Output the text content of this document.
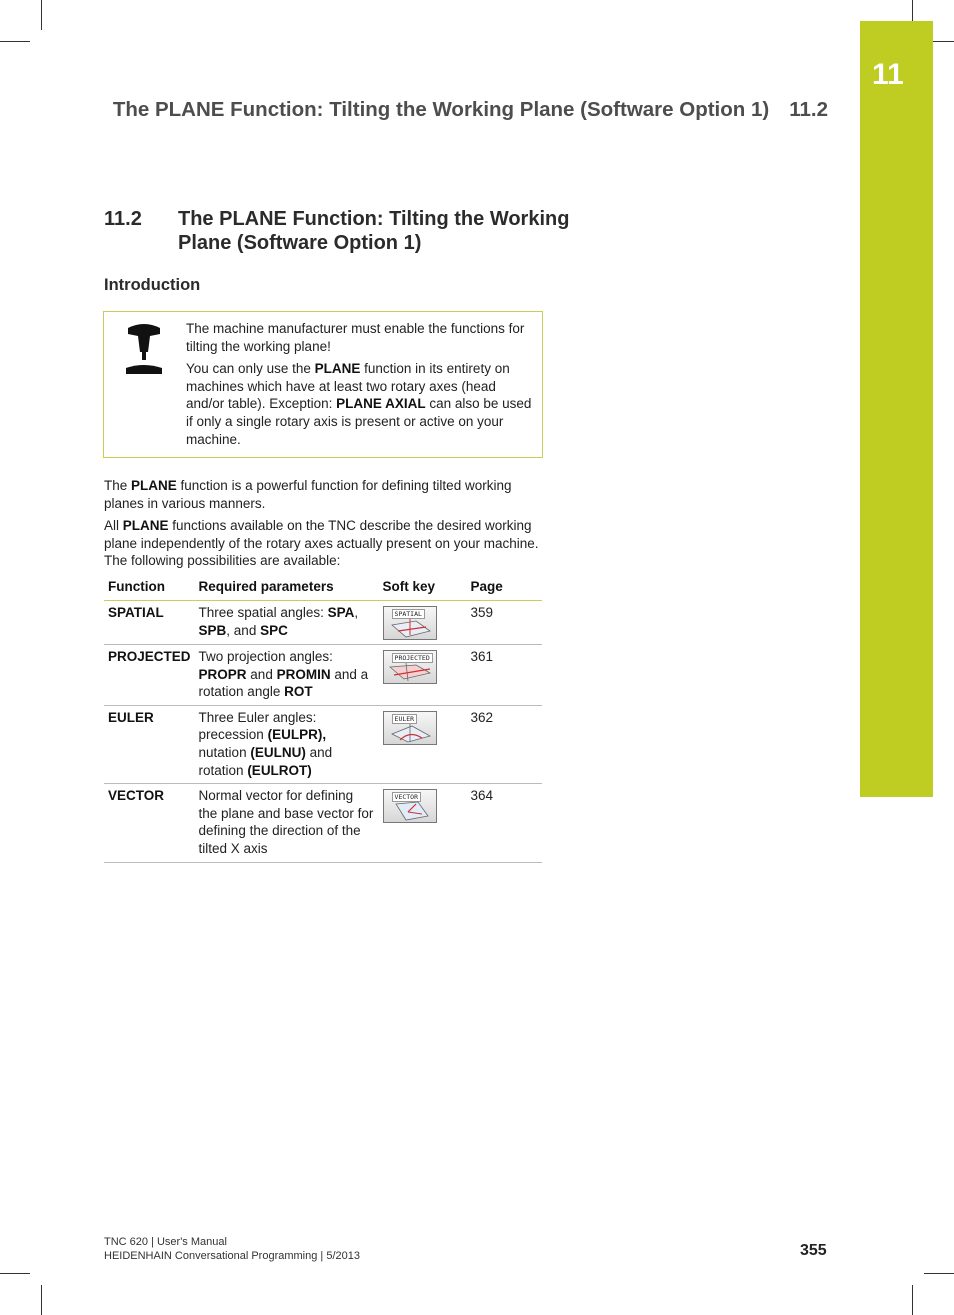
11
The PLANE Function: Tilting the Working Plane (Software Option 1) 11.2
11.2 The PLANE Function: Tilting the Working Plane (Software Option 1)
Introduction

The machine manufacturer must enable the functions for tilting the working plane!

You can only use the PLANE function in its entirety on machines which have at least two rotary axes (head and/or table). Exception: PLANE AXIAL can also be used if only a single rotary axis is present or active on your machine.

The PLANE function is a powerful function for defining tilted working planes in various manners.

All PLANE functions available on the TNC describe the desired working plane independently of the rotary axes actually present on your machine. The following possibilities are available:

Function	Required parameters	Soft key	Page
SPATIAL	Three spatial angles: SPA, SPB, and SPC	SPATIAL	359
PROJECTED	Two projection angles: PROPR and PROMIN and a rotation angle ROT	PROJECTED	361
EULER	Three Euler angles: precession (EULPR), nutation (EULNU) and rotation (EULROT)	EULER	362
VECTOR	Normal vector for defining the plane and base vector for defining the direction of the tilted X axis	VECTOR	364
TNC 620 | User's Manual
HEIDENHAIN Conversational Programming | 5/2013	355
